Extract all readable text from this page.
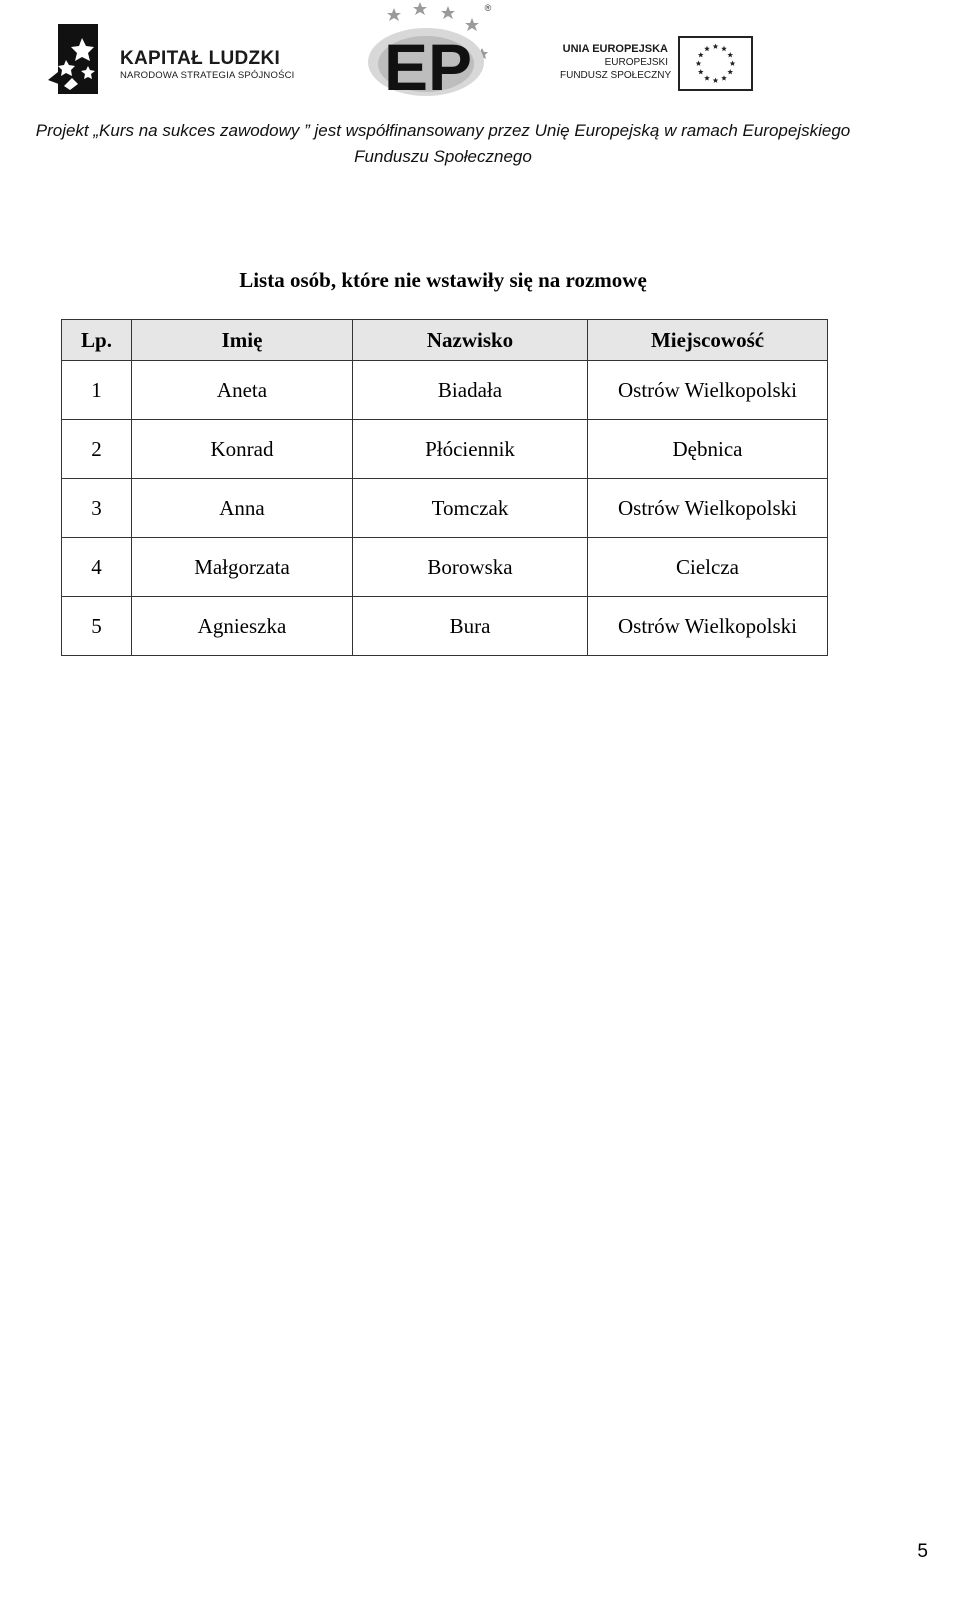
KAPITAŁ LUDZKI
NARODOWA STRATEGIA SPÓJNOŚCI EP
®
UNIA EUROPEJSKA
EUROPEJSKI
FUNDUSZ SPOŁECZNY
Projekt „Kurs na sukces zawodowy ” jest współfinansowany przez Unię Europejską w ramach Europejskiego Funduszu Społecznego
Lista osób, które nie wstawiły się na rozmowę
Lp.	Imię	Nazwisko	Miejscowość
1	Aneta	Biadała	Ostrów Wielkopolski
2	Konrad	Płóciennik	Dębnica
3	Anna	Tomczak	Ostrów Wielkopolski
4	Małgorzata	Borowska	Cielcza
5	Agnieszka	Bura	Ostrów Wielkopolski
5
